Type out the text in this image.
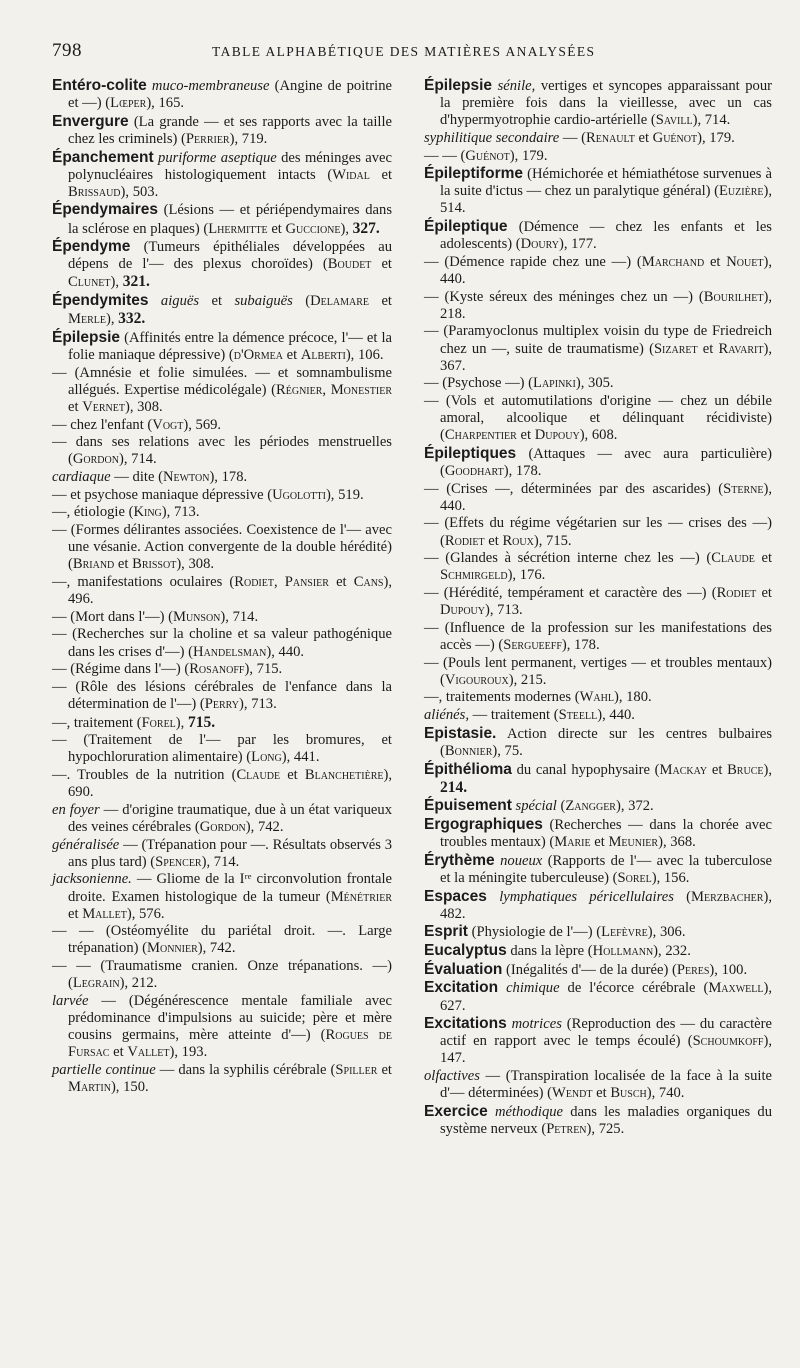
798	TABLE ALPHABÉTIQUE DES MATIÈRES ANALYSÉES
Entéro-colite muco-membraneuse (Angine de poitrine et —) (Lœper), 165.
Envergure (La grande — et ses rapports avec la taille chez les criminels) (Perrier), 719.
Épanchement puriforme aseptique des méninges avec polynucléaires histologiquement intacts (Widal et Brissaud), 503.
Épendymaires (Lésions — et périépendymaires dans la sclérose en plaques) (Lhermitte et Guccione), 327.
Épendyme (Tumeurs épithéliales développées au dépens de l'— des plexus choroïdes) (Boudet et Clunet), 321.
Épendymites aiguës et subaiguës (Delamare et Merle), 332.
Épilepsie (Affinités entre la démence précoce, l'— et la folie maniaque dépressive) (d'Ormea et Alberti), 106.
— (Amnésie et folie simulées. — et somnambulisme allégués. Expertise médicolégale) (Régnier, Monestier et Vernet), 308.
— chez l'enfant (Vogt), 569.
— dans ses relations avec les périodes menstruelles (Gordon), 714.
cardiaque — dite (Newton), 178.
— et psychose maniaque dépressive (Ugolotti), 519.
—, étiologie (King), 713.
— (Formes délirantes associées. Coexistence de l'— avec une vésanie. Action convergente de la double hérédité) (Briand et Brissot), 308.
—, manifestations oculaires (Rodiet, Pansier et Cans), 496.
— (Mort dans l'—) (Munson), 714.
— (Recherches sur la choline et sa valeur pathogénique dans les crises d'—) (Handelsman), 440.
— (Régime dans l'—) (Rosanoff), 715.
— (Rôle des lésions cérébrales de l'enfance dans la détermination de l'—) (Perry), 713.
—, traitement (Forel), 715.
— (Traitement de l'— par les bromures, et hypochloruration alimentaire) (Long), 441.
—. Troubles de la nutrition (Claude et Blanchetière), 690.
en foyer — d'origine traumatique, due à un état variqueux des veines cérébrales (Gordon), 742.
généralisée — (Trépanation pour —. Résultats observés 3 ans plus tard) (Spencer), 714.
jacksonienne. — Gliome de la Iʳᵉ circonvolution frontale droite. Examen histologique de la tumeur (Ménétrier et Mallet), 576.
— — (Ostéomyélite du pariétal droit. —. Large trépanation) (Monnier), 742.
— — (Traumatisme cranien. Onze trépanations. —) (Legrain), 212.
larvée — (Dégénérescence mentale familiale avec prédominance d'impulsions au suicide; père et mère cousins germains, mère atteinte d'—) (Rogues de Fursac et Vallet), 193.
partielle continue — dans la syphilis cérébrale (Spiller et Martin), 150.
Épilepsie sénile, vertiges et syncopes apparaissant pour la première fois dans la vieillesse, avec un cas d'hypermyotrophie cardio-artérielle (Savill), 714.
syphilitique secondaire — (Renault et Guénot), 179.
— — (Guénot), 179.
Épileptiforme (Hémichorée et hémiathétose survenues à la suite d'ictus — chez un paralytique général) (Euzière), 514.
Épileptique (Démence — chez les enfants et les adolescents) (Doury), 177.
— (Démence rapide chez une —) (Marchand et Nouet), 440.
— (Kyste séreux des méninges chez un —) (Bourilhet), 218.
— (Paramyoclonus multiplex voisin du type de Friedreich chez un —, suite de traumatisme) (Sizaret et Ravarit), 367.
— (Psychose —) (Lapinki), 305.
— (Vols et automutilations d'origine — chez un débile amoral, alcoolique et délinquant récidiviste) (Charpentier et Dupouy), 608.
Épileptiques (Attaques — avec aura particulière) (Goodhart), 178.
— (Crises —, déterminées par des ascarides) (Sterne), 440.
— (Effets du régime végétarien sur les — crises des —) (Rodiet et Roux), 715.
— (Glandes à sécrétion interne chez les —) (Claude et Schmirgeld), 176.
— (Hérédité, tempérament et caractère des —) (Rodiet et Dupouy), 713.
— (Influence de la profession sur les manifestations des accès —) (Sergueeff), 178.
— (Pouls lent permanent, vertiges — et troubles mentaux) (Vigouroux), 215.
—, traitements modernes (Wahl), 180.
aliénés, — traitement (Steell), 440.
Epistasie. Action directe sur les centres bulbaires (Bonnier), 75.
Épithélioma du canal hypophysaire (Mackay et Bruce), 214.
Épuisement spécial (Zangger), 372.
Ergographiques (Recherches — dans la chorée avec troubles mentaux) (Marie et Meunier), 368.
Érythème noueux (Rapports de l'— avec la tuberculose et la méningite tuberculeuse) (Sorel), 156.
Espaces lymphatiques péricellulaires (Merzbacher), 482.
Esprit (Physiologie de l'—) (Lefèvre), 306.
Eucalyptus dans la lèpre (Hollmann), 232.
Évaluation (Inégalités d'— de la durée) (Peres), 100.
Excitation chimique de l'écorce cérébrale (Maxwell), 627.
Excitations motrices (Reproduction des — du caractère actif en rapport avec le temps écoulé) (Schoumkoff), 147.
olfactives — (Transpiration localisée de la face à la suite d'— déterminées) (Wendt et Busch), 740.
Exercice méthodique dans les maladies organiques du système nerveux (Petren), 725.
